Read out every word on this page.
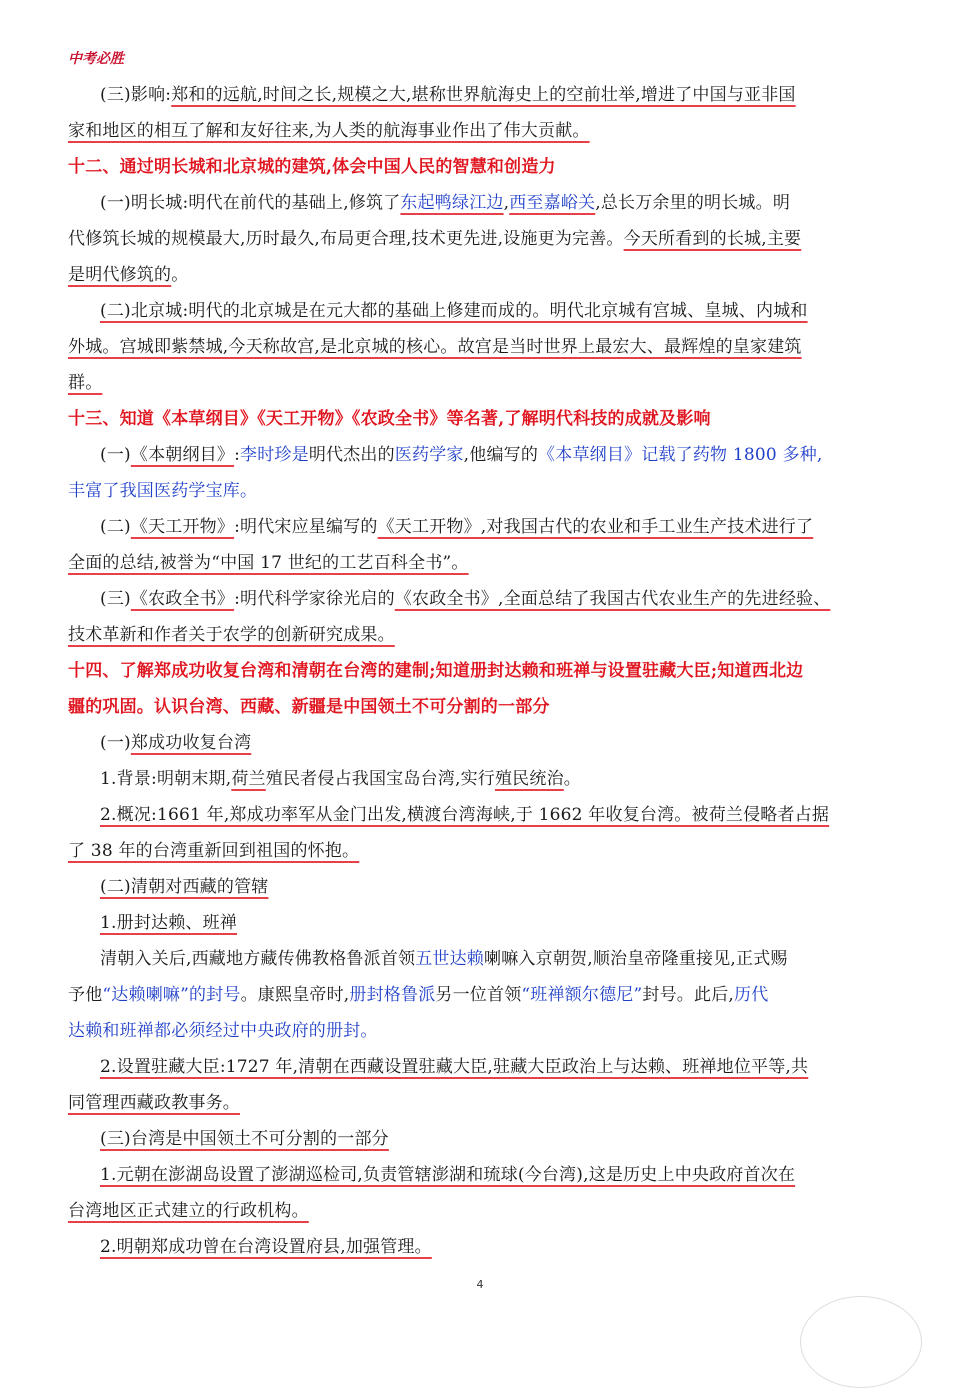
中考必胜
(三)影响:郑和的远航,时间之长,规模之大,堪称世界航海史上的空前壮举,增进了中国与亚非国
家和地区的相互了解和友好往来,为人类的航海事业作出了伟大贡献。
十二、通过明长城和北京城的建筑,体会中国人民的智慧和创造力
(一)明长城:明代在前代的基础上,修筑了东起鸭绿江边,西至嘉峪关,总长万余里的明长城。明
代修筑长城的规模最大,历时最久,布局更合理,技术更先进,设施更为完善。今天所看到的长城,主要
是明代修筑的。
(二)北京城:明代的北京城是在元大都的基础上修建而成的。明代北京城有宫城、皇城、内城和
外城。宫城即紫禁城,今天称故宫,是北京城的核心。故宫是当时世界上最宏大、最辉煌的皇家建筑
群。
十三、知道《本草纲目》《天工开物》《农政全书》等名著,了解明代科技的成就及影响
(一)《本朝纲目》:李时珍是明代杰出的医药学家,他编写的《本草纲目》记载了药物 1800 多种,
丰富了我国医药学宝库。
(二)《天工开物》:明代宋应星编写的《天工开物》,对我国古代的农业和手工业生产技术进行了
全面的总结,被誉为“中国 17 世纪的工艺百科全书”。
(三)《农政全书》:明代科学家徐光启的《农政全书》,全面总结了我国古代农业生产的先进经验、
技术革新和作者关于农学的创新研究成果。
十四、了解郑成功收复台湾和清朝在台湾的建制;知道册封达赖和班禅与设置驻藏大臣;知道西北边
疆的巩固。认识台湾、西藏、新疆是中国领土不可分割的一部分
(一)郑成功收复台湾
1.背景:明朝末期,荷兰殖民者侵占我国宝岛台湾,实行殖民统治。
2.概况:1661 年,郑成功率军从金门出发,横渡台湾海峡,于 1662 年收复台湾。被荷兰侵略者占据
了 38 年的台湾重新回到祖国的怀抱。
(二)清朝对西藏的管辖
1.册封达赖、班禅
清朝入关后,西藏地方藏传佛教格鲁派首领五世达赖喇嘛入京朝贺,顺治皇帝隆重接见,正式赐
予他“达赖喇嘛”的封号。康熙皇帝时,册封格鲁派另一位首领“班禅额尔德尼”封号。此后,历代
达赖和班禅都必须经过中央政府的册封。
2.设置驻藏大臣:1727 年,清朝在西藏设置驻藏大臣,驻藏大臣政治上与达赖、班禅地位平等,共
同管理西藏政教事务。
(三)台湾是中国领土不可分割的一部分
1.元朝在澎湖岛设置了澎湖巡检司,负责管辖澎湖和琉球(今台湾),这是历史上中央政府首次在
台湾地区正式建立的行政机构。
2.明朝郑成功曾在台湾设置府县,加强管理。
4
